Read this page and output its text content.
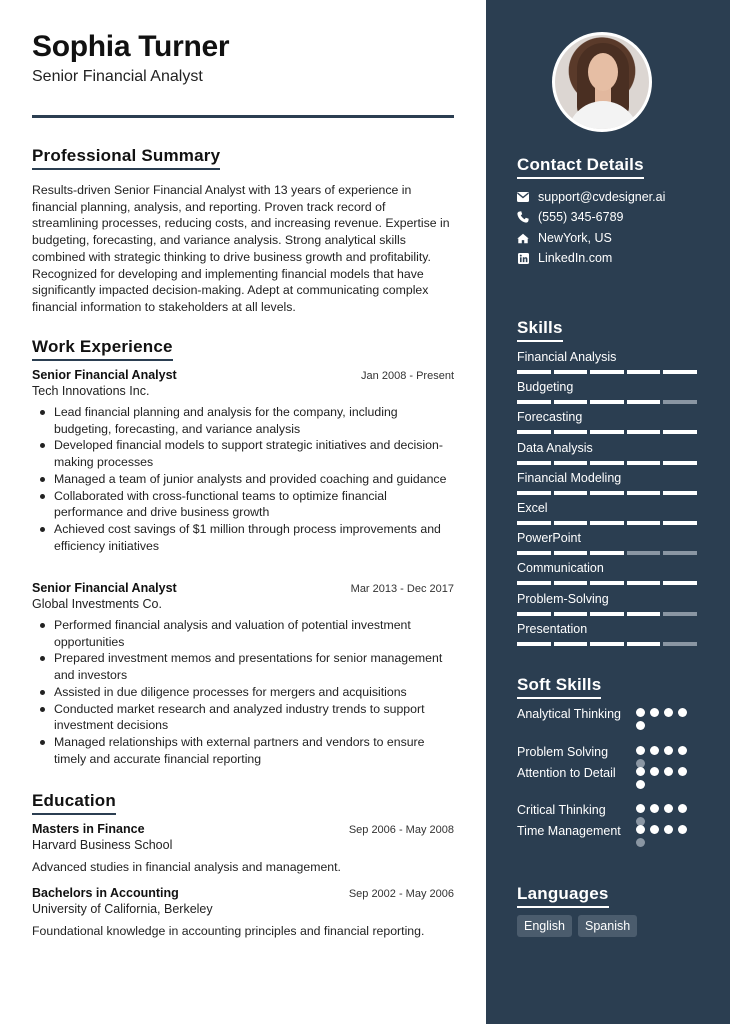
Sophia Turner
Senior Financial Analyst
Professional Summary
Results-driven Senior Financial Analyst with 13 years of experience in financial planning, analysis, and reporting. Proven track record of streamlining processes, reducing costs, and increasing revenue. Expertise in budgeting, forecasting, and variance analysis. Strong analytical skills combined with strategic thinking to drive business growth and profitability. Recognized for developing and implementing financial models that have significantly impacted decision-making. Adept at communicating complex financial information to stakeholders at all levels.
Work Experience
Senior Financial Analyst	Jan 2008 - Present
Tech Innovations Inc.
Lead financial planning and analysis for the company, including budgeting, forecasting, and variance analysis
Developed financial models to support strategic initiatives and decision-making processes
Managed a team of junior analysts and provided coaching and guidance
Collaborated with cross-functional teams to optimize financial performance and drive business growth
Achieved cost savings of $1 million through process improvements and efficiency initiatives
Senior Financial Analyst	Mar 2013 - Dec 2017
Global Investments Co.
Performed financial analysis and valuation of potential investment opportunities
Prepared investment memos and presentations for senior management and investors
Assisted in due diligence processes for mergers and acquisitions
Conducted market research and analyzed industry trends to support investment decisions
Managed relationships with external partners and vendors to ensure timely and accurate financial reporting
Education
Masters in Finance	Sep 2006 - May 2008
Harvard Business School
Advanced studies in financial analysis and management.
Bachelors in Accounting	Sep 2002 - May 2006
University of California, Berkeley
Foundational knowledge in accounting principles and financial reporting.
Contact Details
support@cvdesigner.ai
(555) 345-6789
NewYork, US
LinkedIn.com
Skills
Financial Analysis
Budgeting
Forecasting
Data Analysis
Financial Modeling
Excel
PowerPoint
Communication
Problem-Solving
Presentation
Soft Skills
Analytical Thinking
Problem Solving
Attention to Detail
Critical Thinking
Time Management
Languages
English	Spanish
